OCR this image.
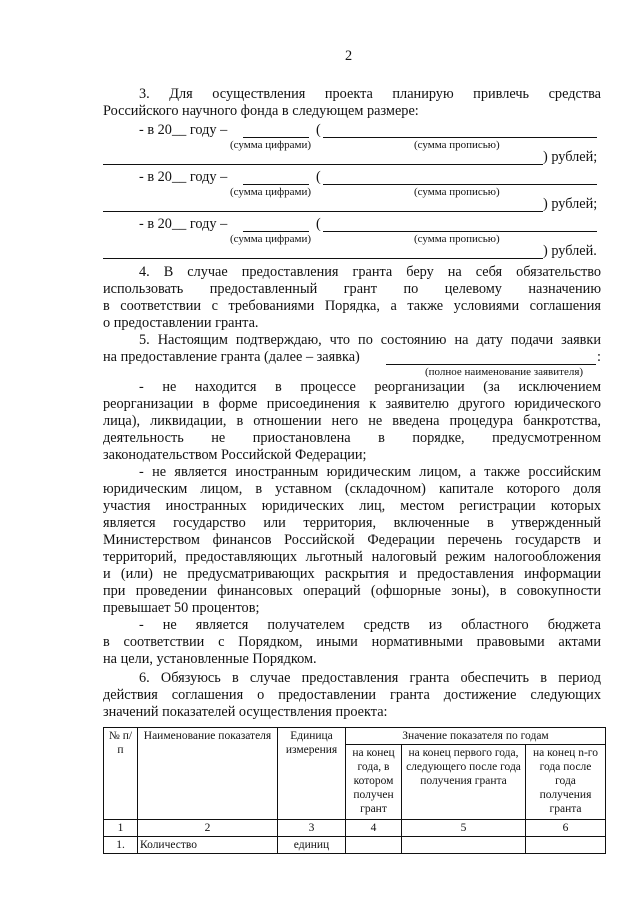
2
3. Для осуществления проекта планирую привлечь средства
Российского научного фонда в следующем размере:
- в 20__ году –	(
(сумма цифрами)	(сумма прописью)
) рублей;
- в 20__ году –	(
(сумма цифрами)	(сумма прописью)
) рублей;
- в 20__ году –	(
(сумма цифрами)	(сумма прописью)
) рублей.
4. В случае предоставления гранта беру на себя обязательство
использовать предоставленный грант по целевому назначению
в соответствии с требованиями Порядка, а также условиями соглашения
о предоставлении гранта.
5. Настоящим подтверждаю, что по состоянию на дату подачи заявки
на предоставление гранта (далее – заявка)	:
(полное наименование заявителя)
- не находится в процессе реорганизации (за исключением
реорганизации в форме присоединения к заявителю другого юридического
лица), ликвидации, в отношении него не введена процедура банкротства,
деятельность не приостановлена в порядке, предусмотренном
законодательством Российской Федерации;
- не является иностранным юридическим лицом, а также российским
юридическим лицом, в уставном (складочном) капитале которого доля
участия иностранных юридических лиц, местом регистрации которых
является государство или территория, включенные в утвержденный
Министерством финансов Российской Федерации перечень государств и
территорий, предоставляющих льготный налоговый режим налогообложения
и (или) не предусматривающих раскрытия и предоставления информации
при проведении финансовых операций (офшорные зоны), в совокупности
превышает 50 процентов;
- не является получателем средств из областного бюджета
в соответствии с Порядком, иными нормативными правовыми актами
на цели, установленные Порядком.
6. Обязуюсь в случае предоставления гранта обеспечить в период
действия соглашения о предоставлении гранта достижение следующих
значений показателей осуществления проекта:
№ п/п	Наименование показателя	Единица измерения	Значение показателя по годам		
			на конец года, в котором получен грант	на конец первого года, следующего после года получения гранта	на конец n-го года после года получения гранта
1	2	3	4	5	6
1.	Количество	единиц			
